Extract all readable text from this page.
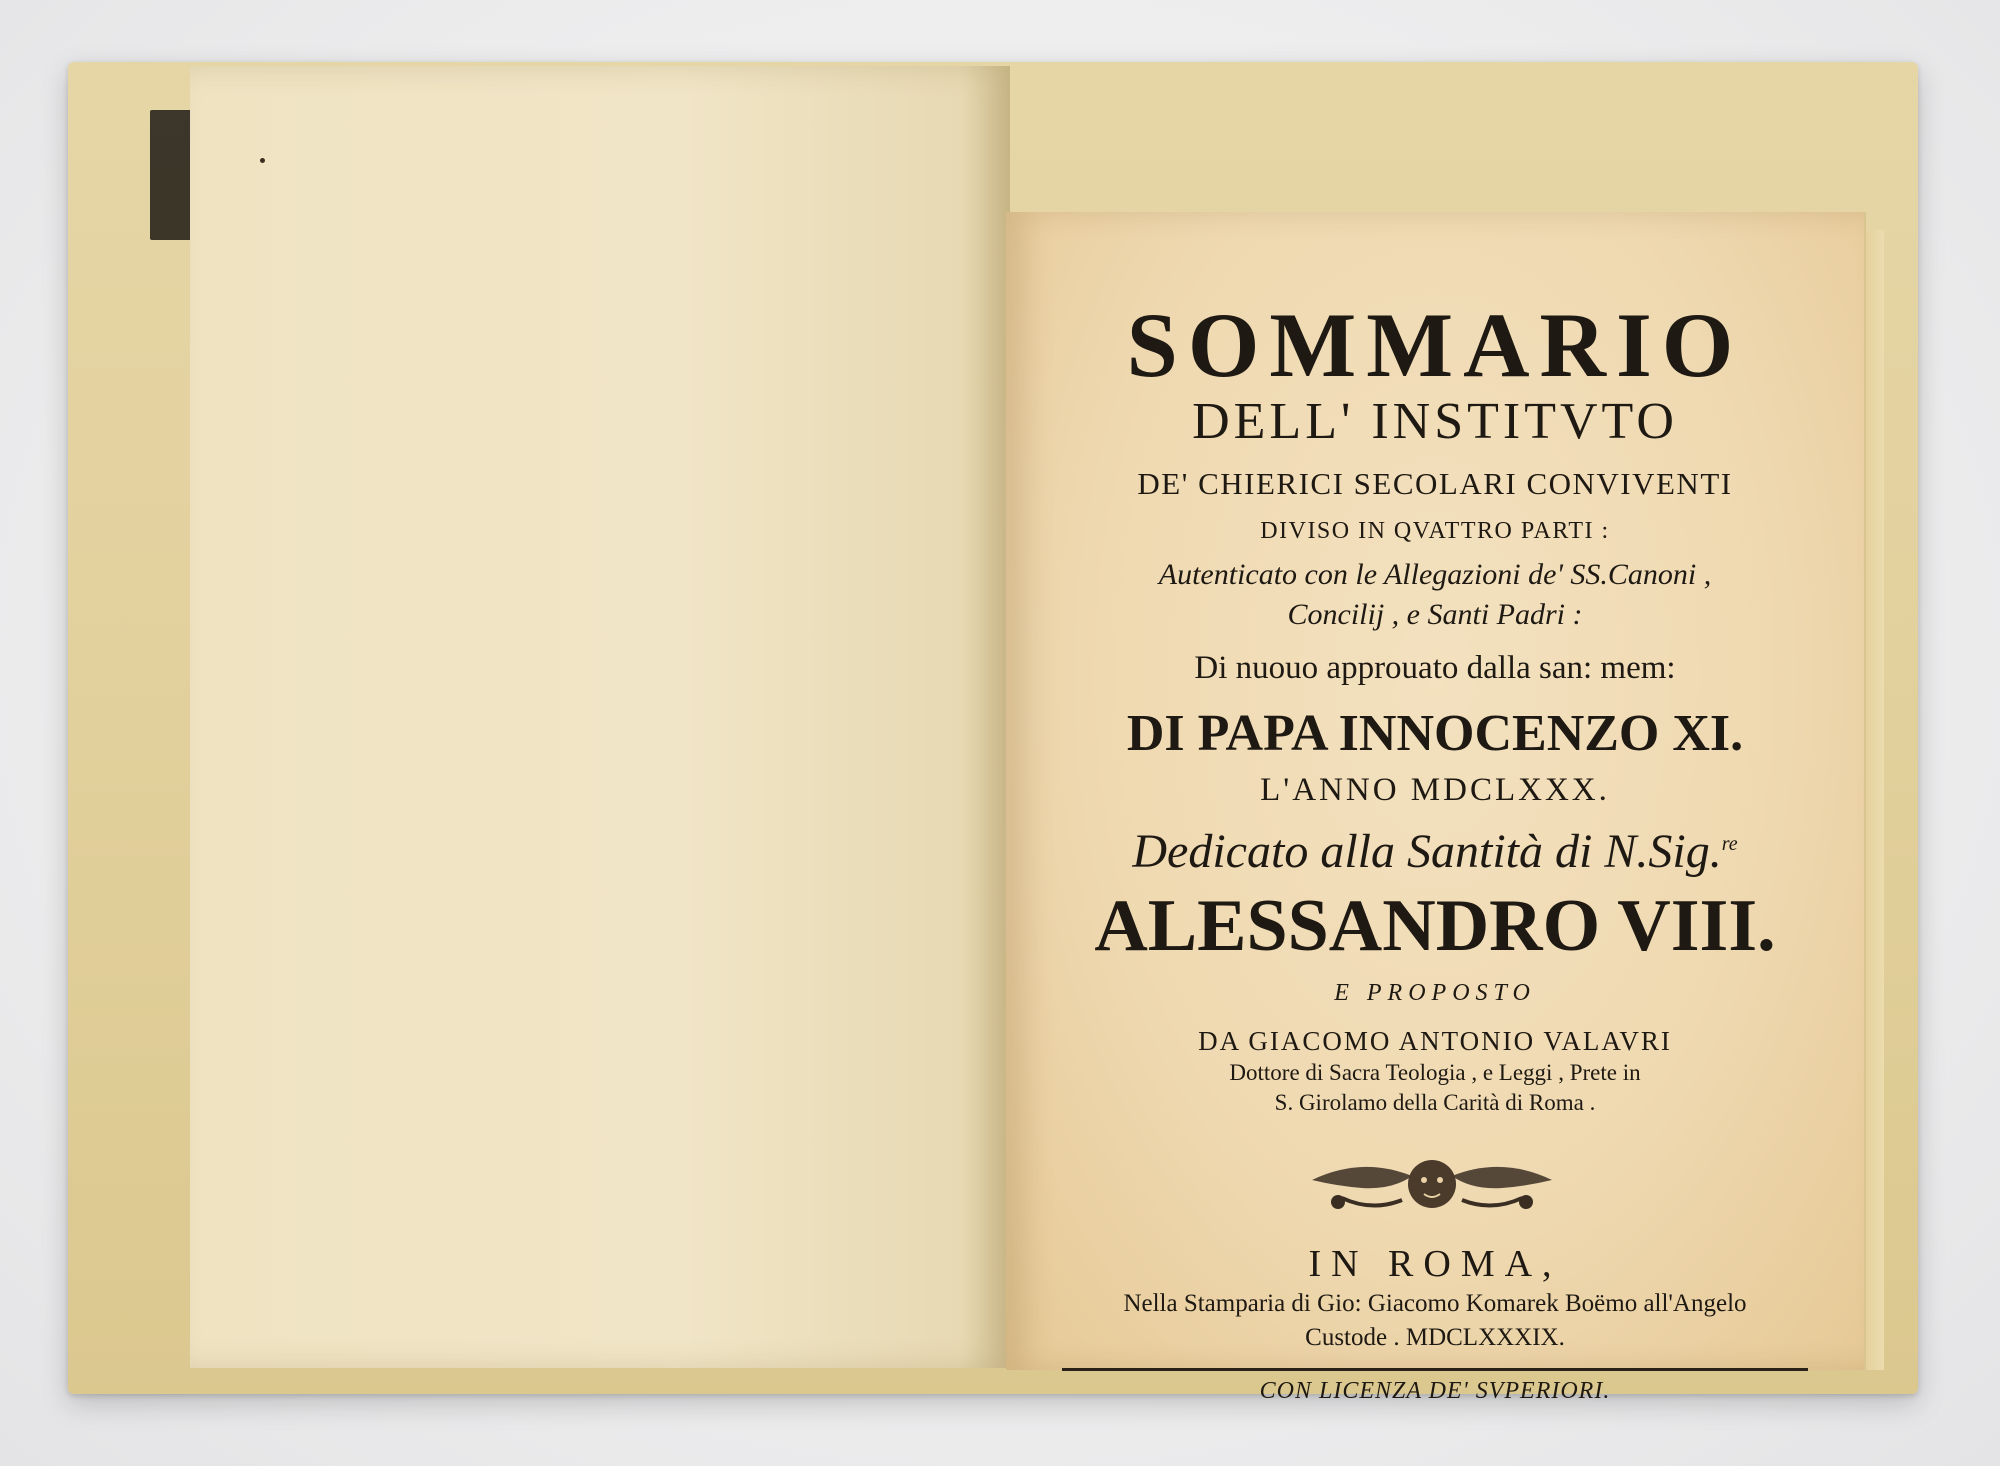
SOMMARIO
DELL' INSTITVTO
DE' CHIERICI SECOLARI CONVIVENTI
DIVISO IN QVATTRO PARTI :
Autenticato con le Allegazioni de' SS.Canoni ,
Concilij , e Santi Padri :
Di nuouo approuato dalla san: mem:
DI PAPA INNOCENZO XI.
L'ANNO MDCLXXX.
Dedicato alla Santità di N.Sig.$^{re}$
ALESSANDRO VIII.
E PROPOSTO
DA GIACOMO ANTONIO VALAVRI
Dottore di Sacra Teologia , e Leggi , Prete in
S. Girolamo della Carità di Roma .
IN ROMA,
Nella Stamparia di Gio: Giacomo Komarek Boëmo all'Angelo
Custode . MDCLXXXIX.
CON LICENZA DE' SVPERIORI.
